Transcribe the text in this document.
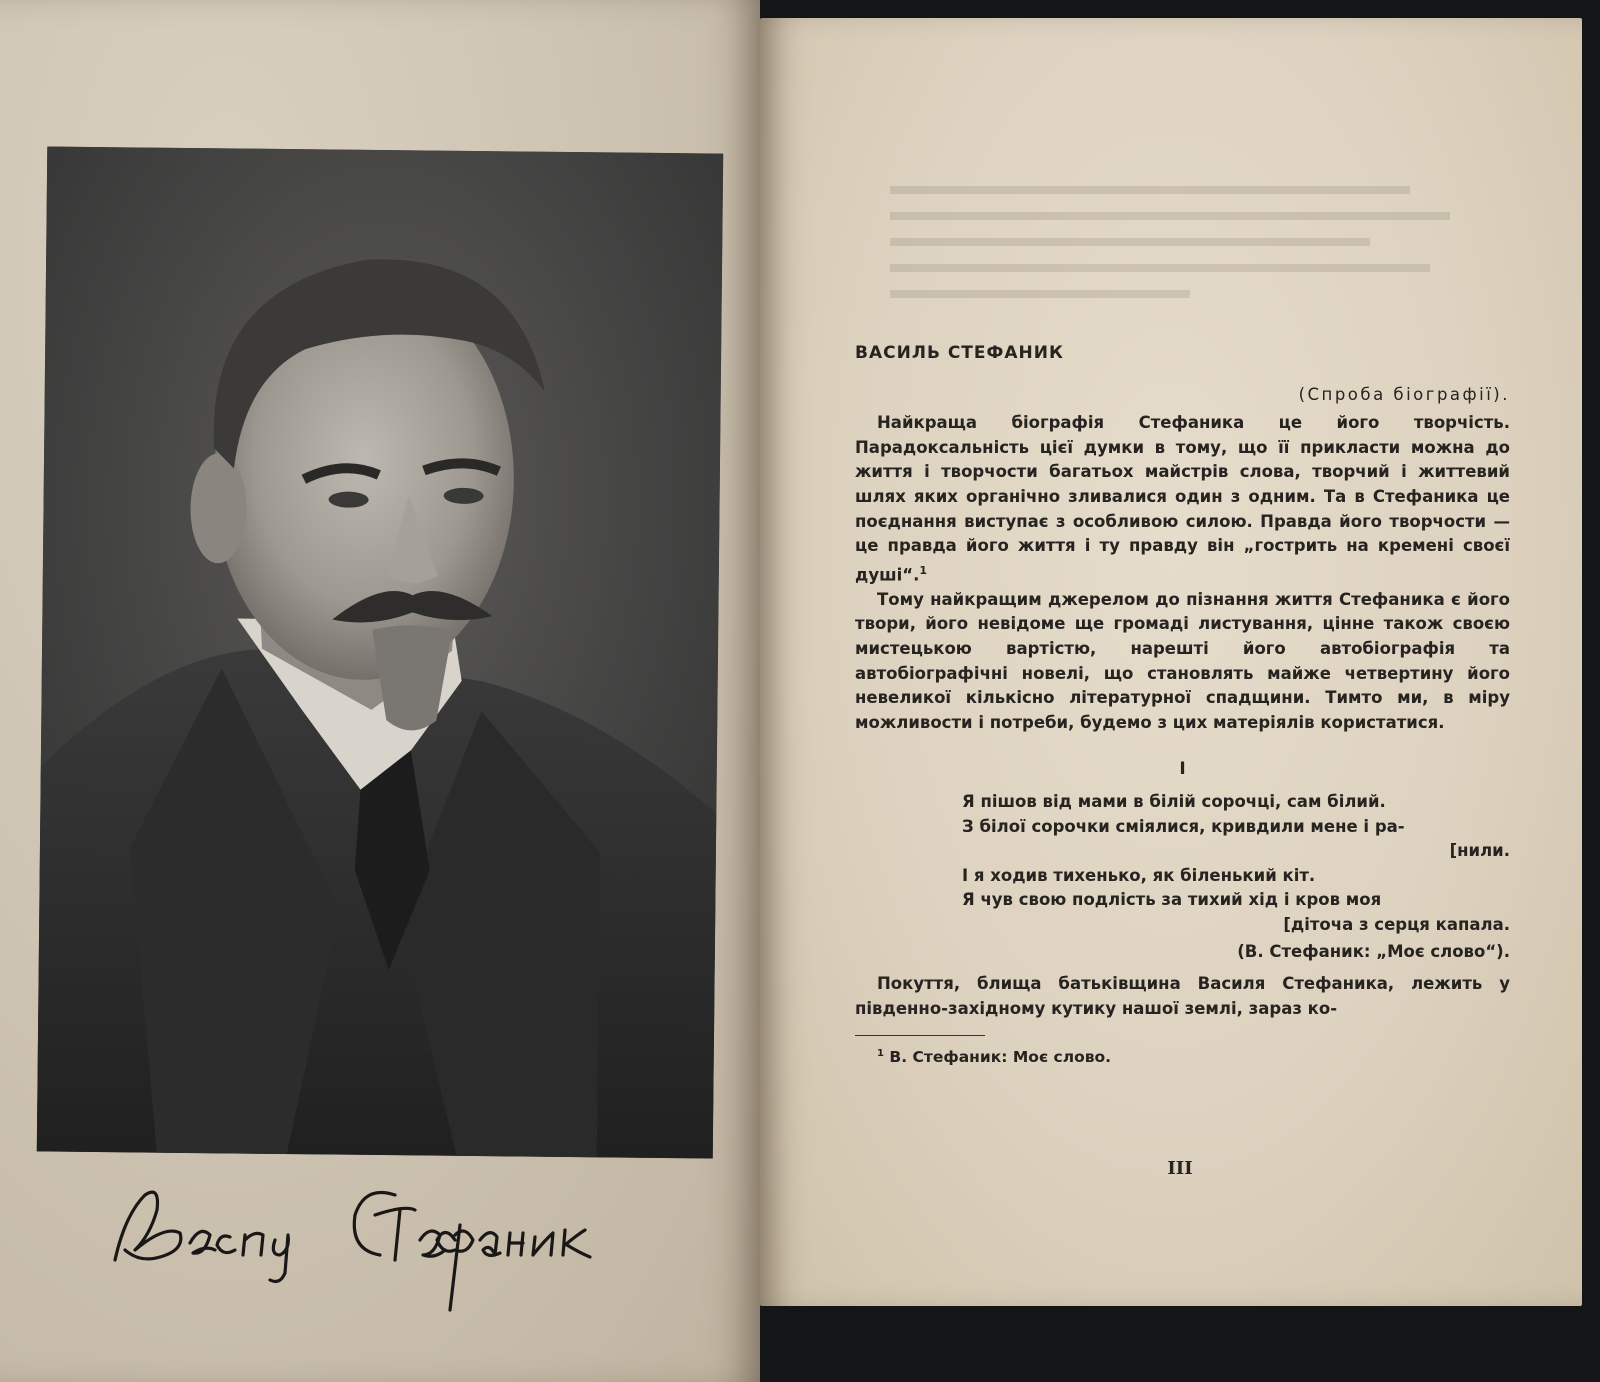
ВАСИЛЬ СТЕФАНИК

(Спроба біографії).

Найкраща біографія Стефаника це його творчість. Парадоксальність цієї думки в тому, що її прикласти можна до життя і творчости багатьох майстрів слова, творчий і життевий шлях яких органічно зливалися один з одним. Та в Стефаника це поєднання виступає з особливою силою. Правда його творчости — це правда його життя і ту правду він „гострить на кремені своєї душі“.$^1$

Тому найкращим джерелом до пізнання життя Стефаника є його твори, його невідоме ще громаді листування, цінне також своєю мистецькою вартістю, нарешті його автобіографія та автобіографічні новелі, що становлять майже четвертину його невеликої кількісно літературної спадщини. Тимто ми, в міру можливости і потреби, будемо з цих матеріялів користатися.

I

Я пішов від мами в білій сорочці, сам білий.

З білої сорочки сміялися, кривдили мене і ра-

[нили.

І я ходив тихенько, як біленький кіт.

Я чув свою подлість за тихий хід і кров моя

[діточа з серця капала.

(В. Стефаник: „Моє слово“).

Покуття, блища батьківщина Василя Стефаника, лежить у південно-західному кутику нашої землі, зараз ко-

$^1$ В. Стефаник: Моє слово.

III
